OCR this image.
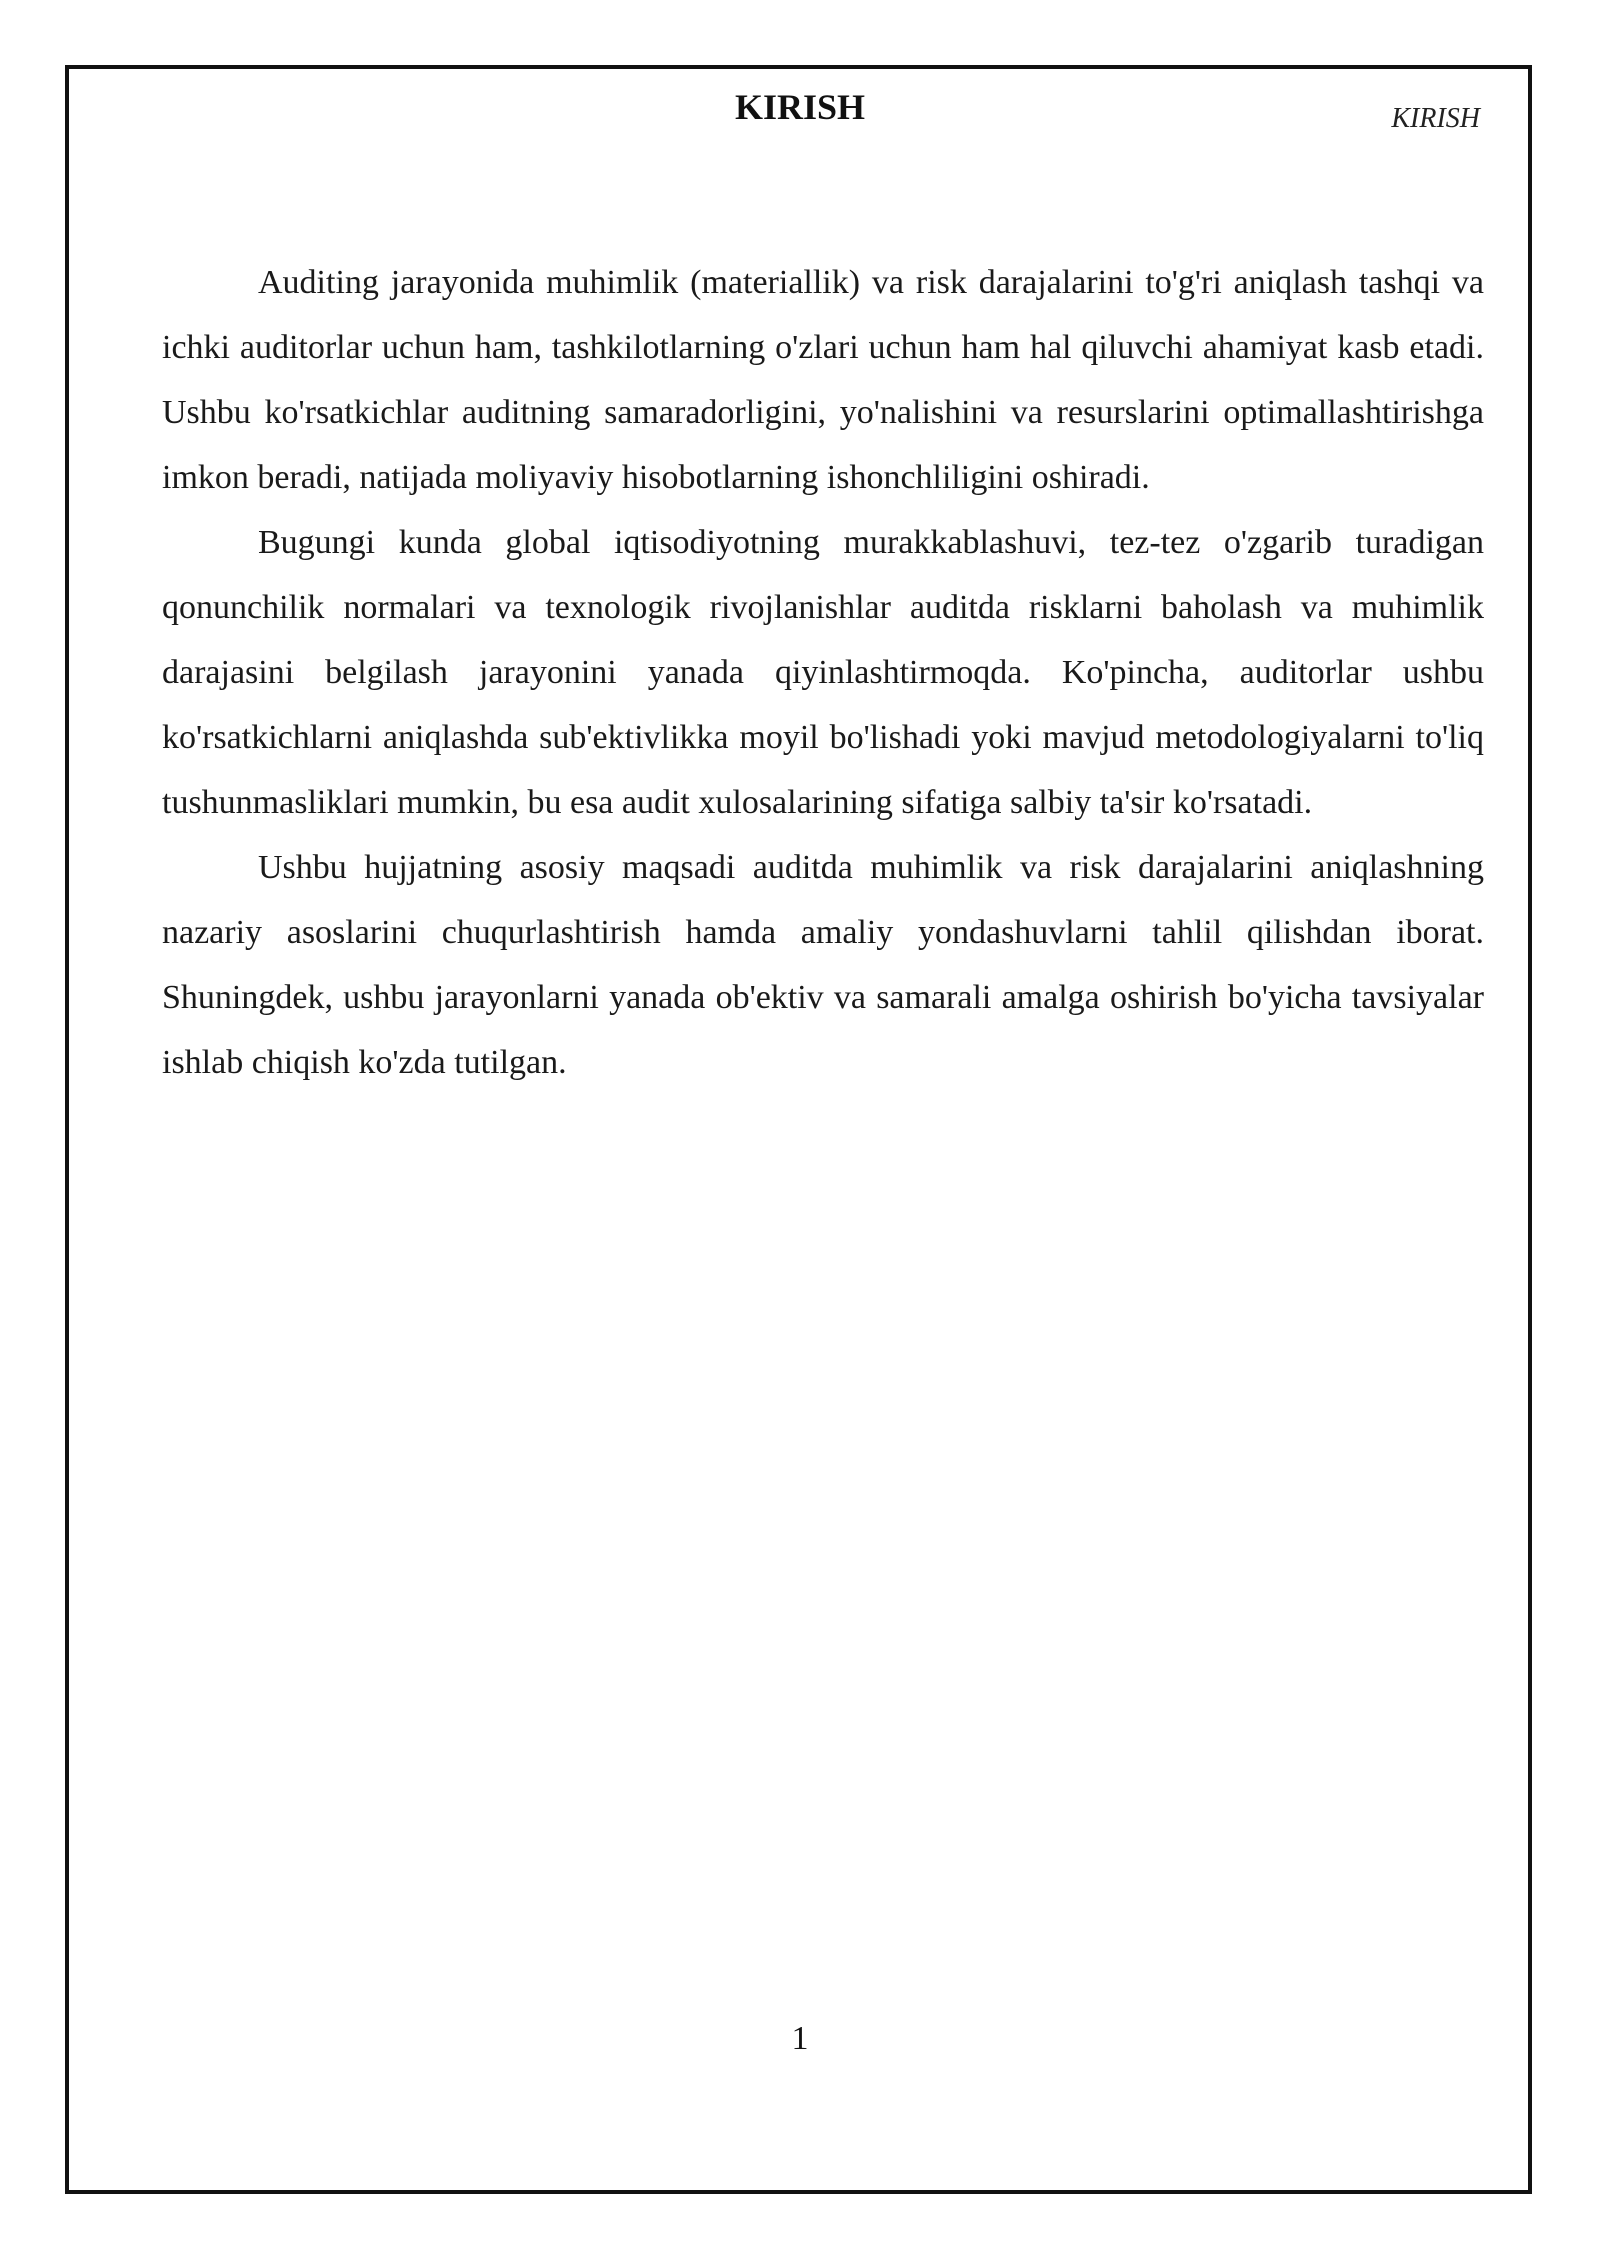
KIRISH
KIRISH

Auditing jarayonida muhimlik (materiallik) va risk darajalarini to'g'ri aniqlash tashqi va ichki auditorlar uchun ham, tashkilotlarning o'zlari uchun ham hal qiluvchi ahamiyat kasb etadi. Ushbu ko'rsatkichlar auditning samaradorligini, yo'nalishini va resurslarini optimallashtirishga imkon beradi, natijada moliyaviy hisobotlarning ishonchliligini oshiradi.

Bugungi kunda global iqtisodiyotning murakkablashuvi, tez-tez o'zgarib turadigan qonunchilik normalari va texnologik rivojlanishlar auditda risklarni baholash va muhimlik darajasini belgilash jarayonini yanada qiyinlashtirmoqda. Ko'pincha, auditorlar ushbu ko'rsatkichlarni aniqlashda sub'ektivlikka moyil bo'lishadi yoki mavjud metodologiyalarni to'liq tushunmasliklari mumkin, bu esa audit xulosalarining sifatiga salbiy ta'sir ko'rsatadi.

Ushbu hujjatning asosiy maqsadi auditda muhimlik va risk darajalarini aniqlashning nazariy asoslarini chuqurlashtirish hamda amaliy yondashuvlarni tahlil qilishdan iborat. Shuningdek, ushbu jarayonlarni yanada ob'ektiv va samarali amalga oshirish bo'yicha tavsiyalar ishlab chiqish ko'zda tutilgan.

1
